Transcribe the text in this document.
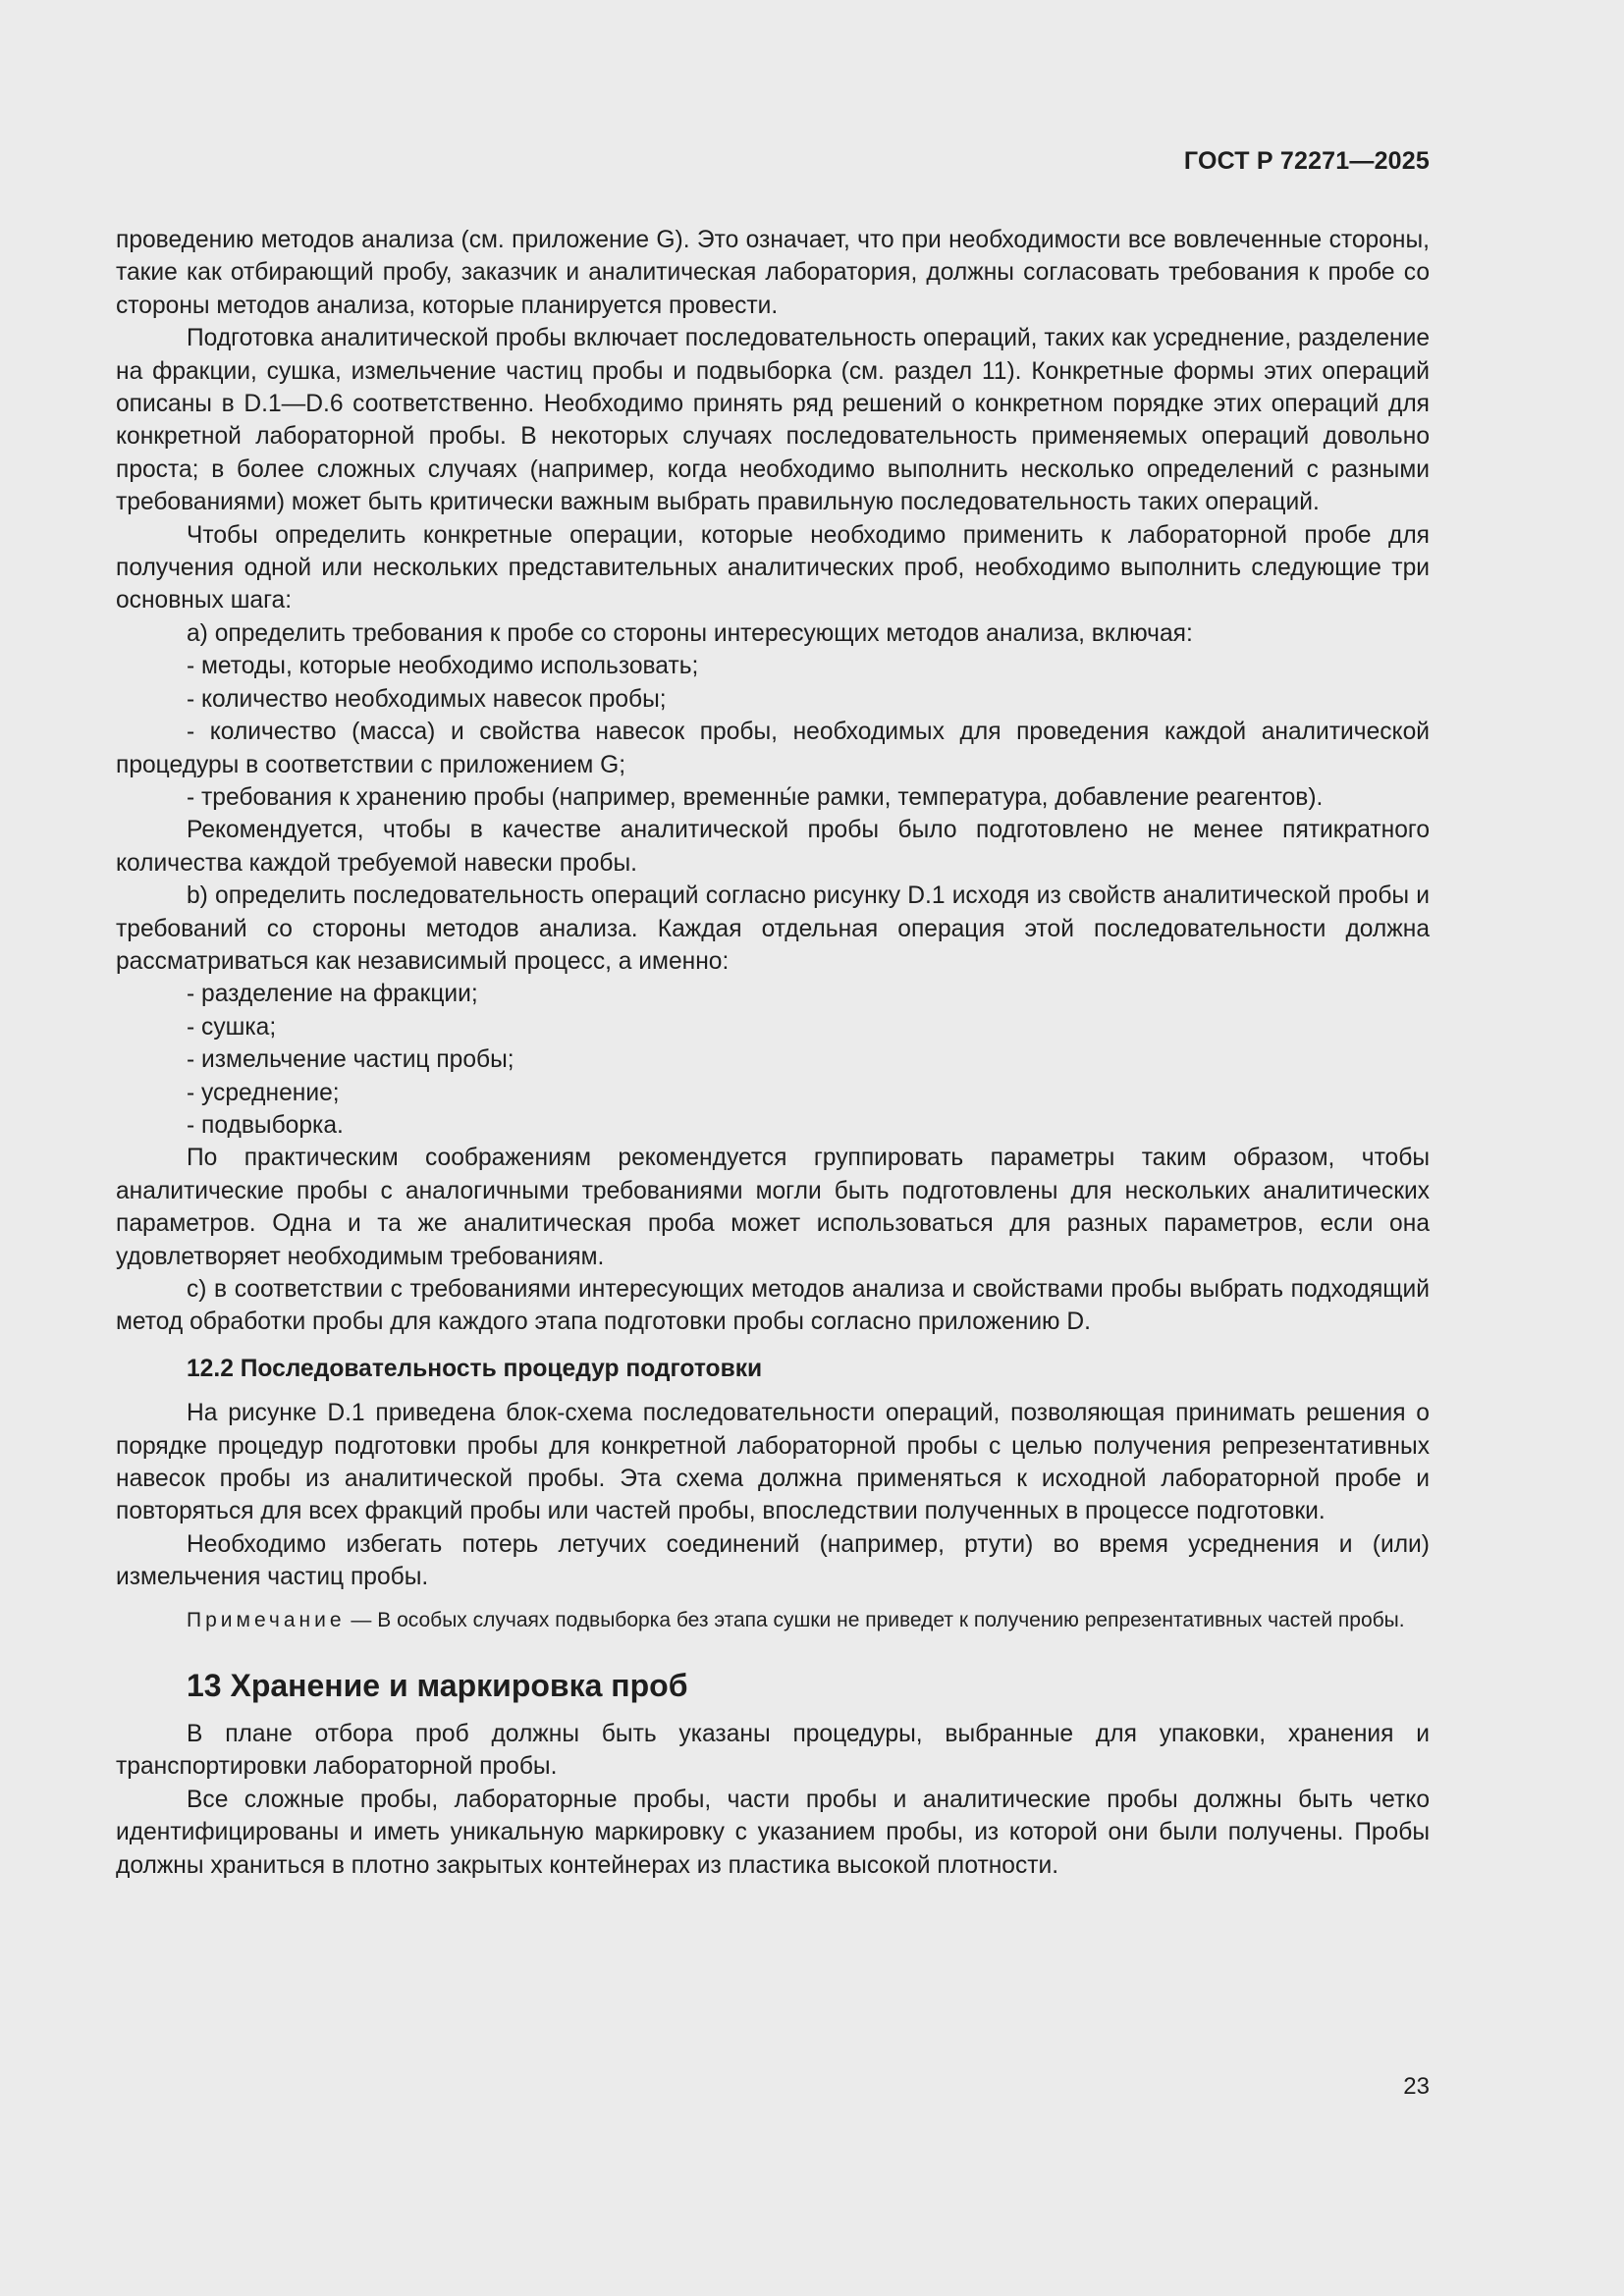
ГОСТ Р 72271—2025

проведению методов анализа (см. приложение G). Это означает, что при необходимости все вовлеченные стороны, такие как отбирающий пробу, заказчик и аналитическая лаборатория, должны согласовать требования к пробе со стороны методов анализа, которые планируется провести.

Подготовка аналитической пробы включает последовательность операций, таких как усреднение, разделение на фракции, сушка, измельчение частиц пробы и подвыборка (см. раздел 11). Конкретные формы этих операций описаны в D.1—D.6 соответственно. Необходимо принять ряд решений о конкретном порядке этих операций для конкретной лабораторной пробы. В некоторых случаях последовательность применяемых операций довольно проста; в более сложных случаях (например, когда необходимо выполнить несколько определений с разными требованиями) может быть критически важным выбрать правильную последовательность таких операций.

Чтобы определить конкретные операции, которые необходимо применить к лабораторной пробе для получения одной или нескольких представительных аналитических проб, необходимо выполнить следующие три основных шага:

a) определить требования к пробе со стороны интересующих методов анализа, включая:

- методы, которые необходимо использовать;

- количество необходимых навесок пробы;

- количество (масса) и свойства навесок пробы, необходимых для проведения каждой аналитической процедуры в соответствии с приложением G;

- требования к хранению пробы (например, временны́е рамки, температура, добавление реагентов).

Рекомендуется, чтобы в качестве аналитической пробы было подготовлено не менее пятикратного количества каждой требуемой навески пробы.

b) определить последовательность операций согласно рисунку D.1 исходя из свойств аналитической пробы и требований со стороны методов анализа. Каждая отдельная операция этой последовательности должна рассматриваться как независимый процесс, а именно:

- разделение на фракции;

- сушка;

- измельчение частиц пробы;

- усреднение;

- подвыборка.

По практическим соображениям рекомендуется группировать параметры таким образом, чтобы аналитические пробы с аналогичными требованиями могли быть подготовлены для нескольких аналитических параметров. Одна и та же аналитическая проба может использоваться для разных параметров, если она удовлетворяет необходимым требованиям.

c) в соответствии с требованиями интересующих методов анализа и свойствами пробы выбрать подходящий метод обработки пробы для каждого этапа подготовки пробы согласно приложению D.

12.2 Последовательность процедур подготовки

На рисунке D.1 приведена блок-схема последовательности операций, позволяющая принимать решения о порядке процедур подготовки пробы для конкретной лабораторной пробы с целью получения репрезентативных навесок пробы из аналитической пробы. Эта схема должна применяться к исходной лабораторной пробе и повторяться для всех фракций пробы или частей пробы, впоследствии полученных в процессе подготовки.

Необходимо избегать потерь летучих соединений (например, ртути) во время усреднения и (или) измельчения частиц пробы.

Примечание — В особых случаях подвыборка без этапа сушки не приведет к получению репрезентативных частей пробы.

13 Хранение и маркировка проб

В плане отбора проб должны быть указаны процедуры, выбранные для упаковки, хранения и транспортировки лабораторной пробы.

Все сложные пробы, лабораторные пробы, части пробы и аналитические пробы должны быть четко идентифицированы и иметь уникальную маркировку с указанием пробы, из которой они были получены. Пробы должны храниться в плотно закрытых контейнерах из пластика высокой плотности.

23
